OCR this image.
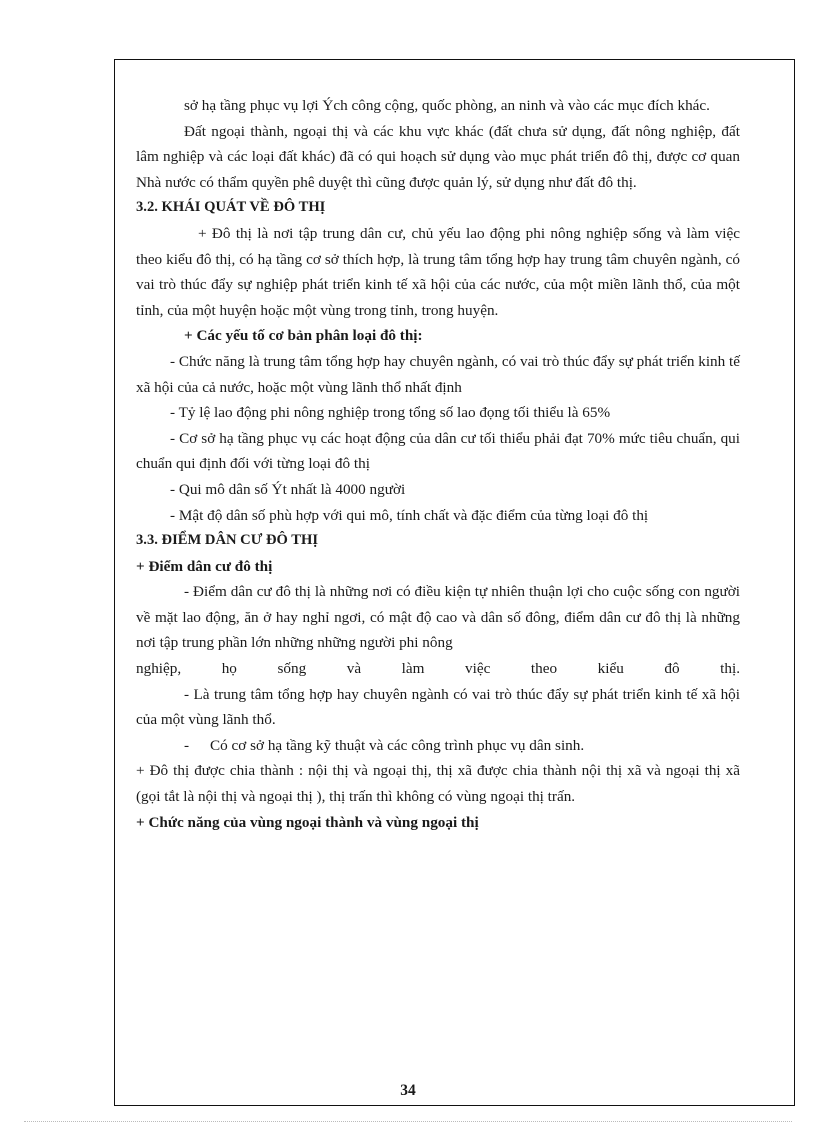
sở hạ tầng phục vụ lợi Ých công cộng, quốc phòng, an ninh và vào các mục đích khác.

Đất ngoại thành, ngoại thị và các khu vực khác (đất chưa sử dụng, đất nông nghiệp, đất lâm nghiệp và các loại đất khác) đã có qui hoạch sử dụng vào mục phát triển đô thị, được cơ quan Nhà nước có thẩm quyền phê duyệt thì cũng được quản lý, sử dụng như đất đô thị.

3.2. KHÁI QUÁT VỀ ĐÔ THỊ

+ Đô thị là nơi tập trung dân cư, chủ yếu lao động phi nông nghiệp sống và làm việc theo kiểu đô thị, có hạ tầng cơ sở thích hợp, là trung tâm tổng hợp hay trung tâm chuyên ngành, có vai trò thúc đẩy sự nghiệp phát triển kinh tế xã hội của các nước, của một miền lãnh thổ, của một tỉnh, của một huyện hoặc một vùng trong tỉnh, trong huyện.

+ Các yếu tố cơ bản phân loại đô thị:

- Chức năng là trung tâm tổng hợp hay chuyên ngành, có vai trò thúc đẩy sự phát triển kinh tế xã hội của cả nước, hoặc một vùng lãnh thổ nhất định

- Tỷ lệ lao động phi nông nghiệp trong tổng số lao đọng tối thiểu là 65%

- Cơ sở hạ tầng phục vụ các hoạt động của dân cư tối thiểu phải đạt 70% mức tiêu chuẩn, qui chuẩn qui định đối với từng loại đô thị

- Qui mô dân số Ýt nhất là 4000 người

- Mật độ dân số phù hợp với qui mô, tính chất và đặc điểm của từng loại đô thị

3.3. ĐIỂM DÂN CƯ ĐÔ THỊ

+ Điểm dân cư đô thị

- Điểm dân cư đô thị là những nơi có điều kiện tự nhiên thuận lợi cho cuộc sống con người về mặt lao động, ăn ở hay nghỉ ngơi, có mật độ cao và dân số đông, điểm dân cư đô thị là những nơi tập trung phần lớn những những người phi nông

nghiệp, họ sống và làm việc theo kiểu đô thị.

- Là trung tâm tổng hợp hay chuyên ngành có vai trò thúc đẩy sự phát triển kinh tế xã hội của một vùng lãnh thổ.

- Có cơ sở hạ tầng kỹ thuật và các công trình phục vụ dân sinh.

+ Đô thị được chia thành : nội thị và ngoại thị, thị xã được chia thành nội thị xã và ngoại thị xã (gọi tắt là nội thị và ngoại thị ), thị trấn thì không có vùng ngoại thị trấn.

+ Chức năng của vùng ngoại thành và vùng ngoại thị

34
